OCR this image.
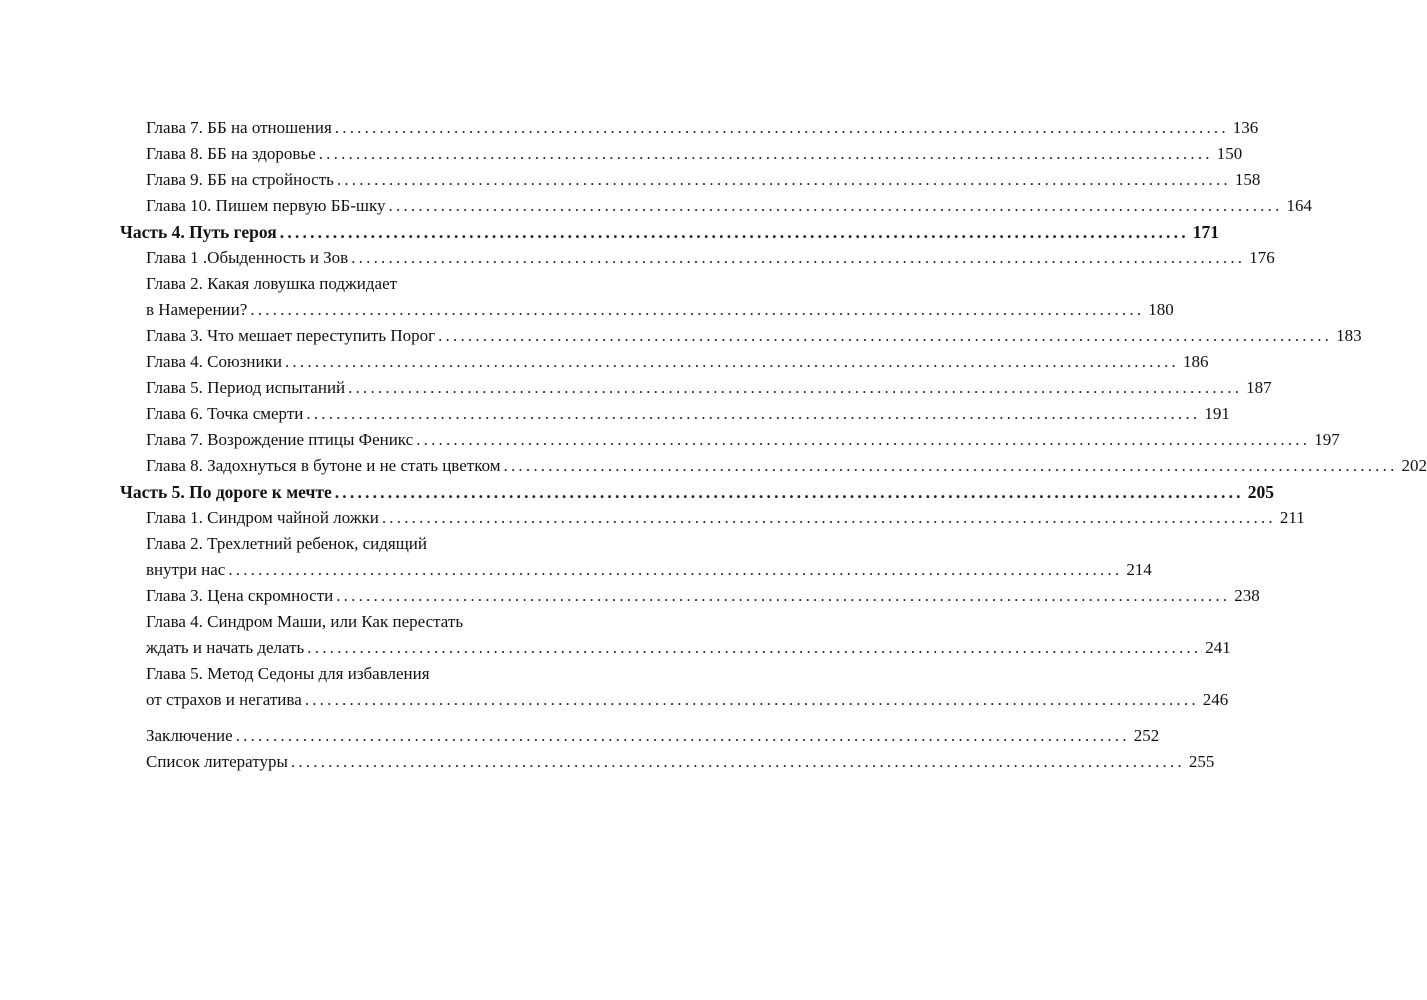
Глава 7. ББ на отношения ........................................................................................................................ 136
Глава 8. ББ на здоровье ........................................................................................................................ 150
Глава 9. ББ на стройность ........................................................................................................................ 158
Глава 10. Пишем первую ББ-шку ........................................................................................................................ 164
Часть 4. Путь героя ........................................................................................................................ 171
Глава 1 .Обыденность и Зов ........................................................................................................................ 176
Глава 2. Какая ловушка поджидает
в Намерении? ........................................................................................................................ 180
Глава 3. Что мешает переступить Порог ........................................................................................................................ 183
Глава 4. Союзники ........................................................................................................................ 186
Глава 5. Период испытаний ........................................................................................................................ 187
Глава 6. Точка смерти ........................................................................................................................ 191
Глава 7. Возрождение птицы Феникс ........................................................................................................................ 197
Глава 8. Задохнуться в бутоне и не стать цветком ........................................................................................................................ 202
Часть 5. По дороге к мечте ........................................................................................................................ 205
Глава 1. Синдром чайной ложки ........................................................................................................................ 211
Глава 2. Трехлетний ребенок, сидящий
внутри нас ........................................................................................................................ 214
Глава 3. Цена скромности ........................................................................................................................ 238
Глава 4. Синдром Маши, или Как перестать
ждать и начать делать ........................................................................................................................ 241
Глава 5. Метод Седоны для избавления
от страхов и негатива ........................................................................................................................ 246
Заключение ........................................................................................................................ 252
Список литературы ........................................................................................................................ 255
